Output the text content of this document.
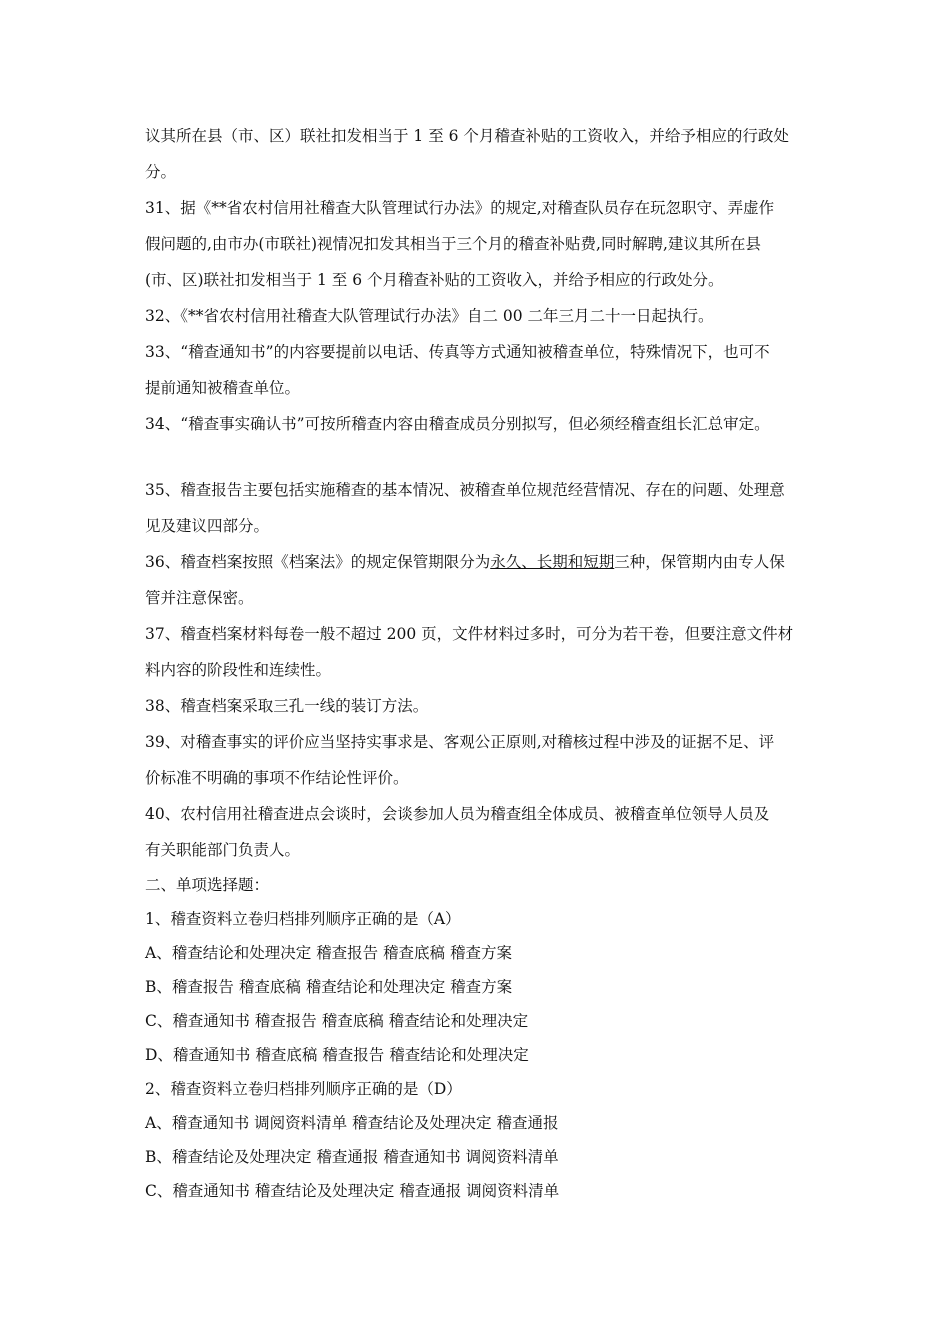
议其所在县（市、区）联社扣发相当于 1 至 6 个月稽查补贴的工资收入，并给予相应的行政处
分。
31、据《**省农村信用社稽查大队管理试行办法》的规定,对稽查队员存在玩忽职守、弄虚作
假问题的,由市办(市联社)视情况扣发其相当于三个月的稽查补贴费,同时解聘,建议其所在县
(市、区)联社扣发相当于 1 至 6 个月稽查补贴的工资收入，并给予相应的行政处分。
32、《**省农村信用社稽查大队管理试行办法》自二 00 二年三月二十一日起执行。
33、“稽查通知书”的内容要提前以电话、传真等方式通知被稽查单位，特殊情况下，也可不
提前通知被稽查单位。
34、“稽查事实确认书”可按所稽查内容由稽查成员分别拟写，但必须经稽查组长汇总审定。
35、稽查报告主要包括实施稽查的基本情况、被稽查单位规范经营情况、存在的问题、处理意
见及建议四部分。
36、稽查档案按照《档案法》的规定保管期限分为永久、长期和短期三种，保管期内由专人保
管并注意保密。
37、稽查档案材料每卷一般不超过 200 页，文件材料过多时，可分为若干卷，但要注意文件材
料内容的阶段性和连续性。
38、稽查档案采取三孔一线的装订方法。
39、对稽查事实的评价应当坚持实事求是、客观公正原则,对稽核过程中涉及的证据不足、评
价标准不明确的事项不作结论性评价。
40、农村信用社稽查进点会谈时，会谈参加人员为稽查组全体成员、被稽查单位领导人员及
有关职能部门负责人。
二、单项选择题：
1、稽查资料立卷归档排列顺序正确的是（A）
A、稽查结论和处理决定 稽查报告 稽查底稿 稽查方案
B、稽查报告 稽查底稿 稽查结论和处理决定 稽查方案
C、稽查通知书 稽查报告 稽查底稿 稽查结论和处理决定
D、稽查通知书 稽查底稿 稽查报告 稽查结论和处理决定
2、稽查资料立卷归档排列顺序正确的是（D）
A、稽查通知书 调阅资料清单 稽查结论及处理决定 稽查通报
B、稽查结论及处理决定 稽查通报 稽查通知书 调阅资料清单
C、稽查通知书 稽查结论及处理决定 稽查通报 调阅资料清单
